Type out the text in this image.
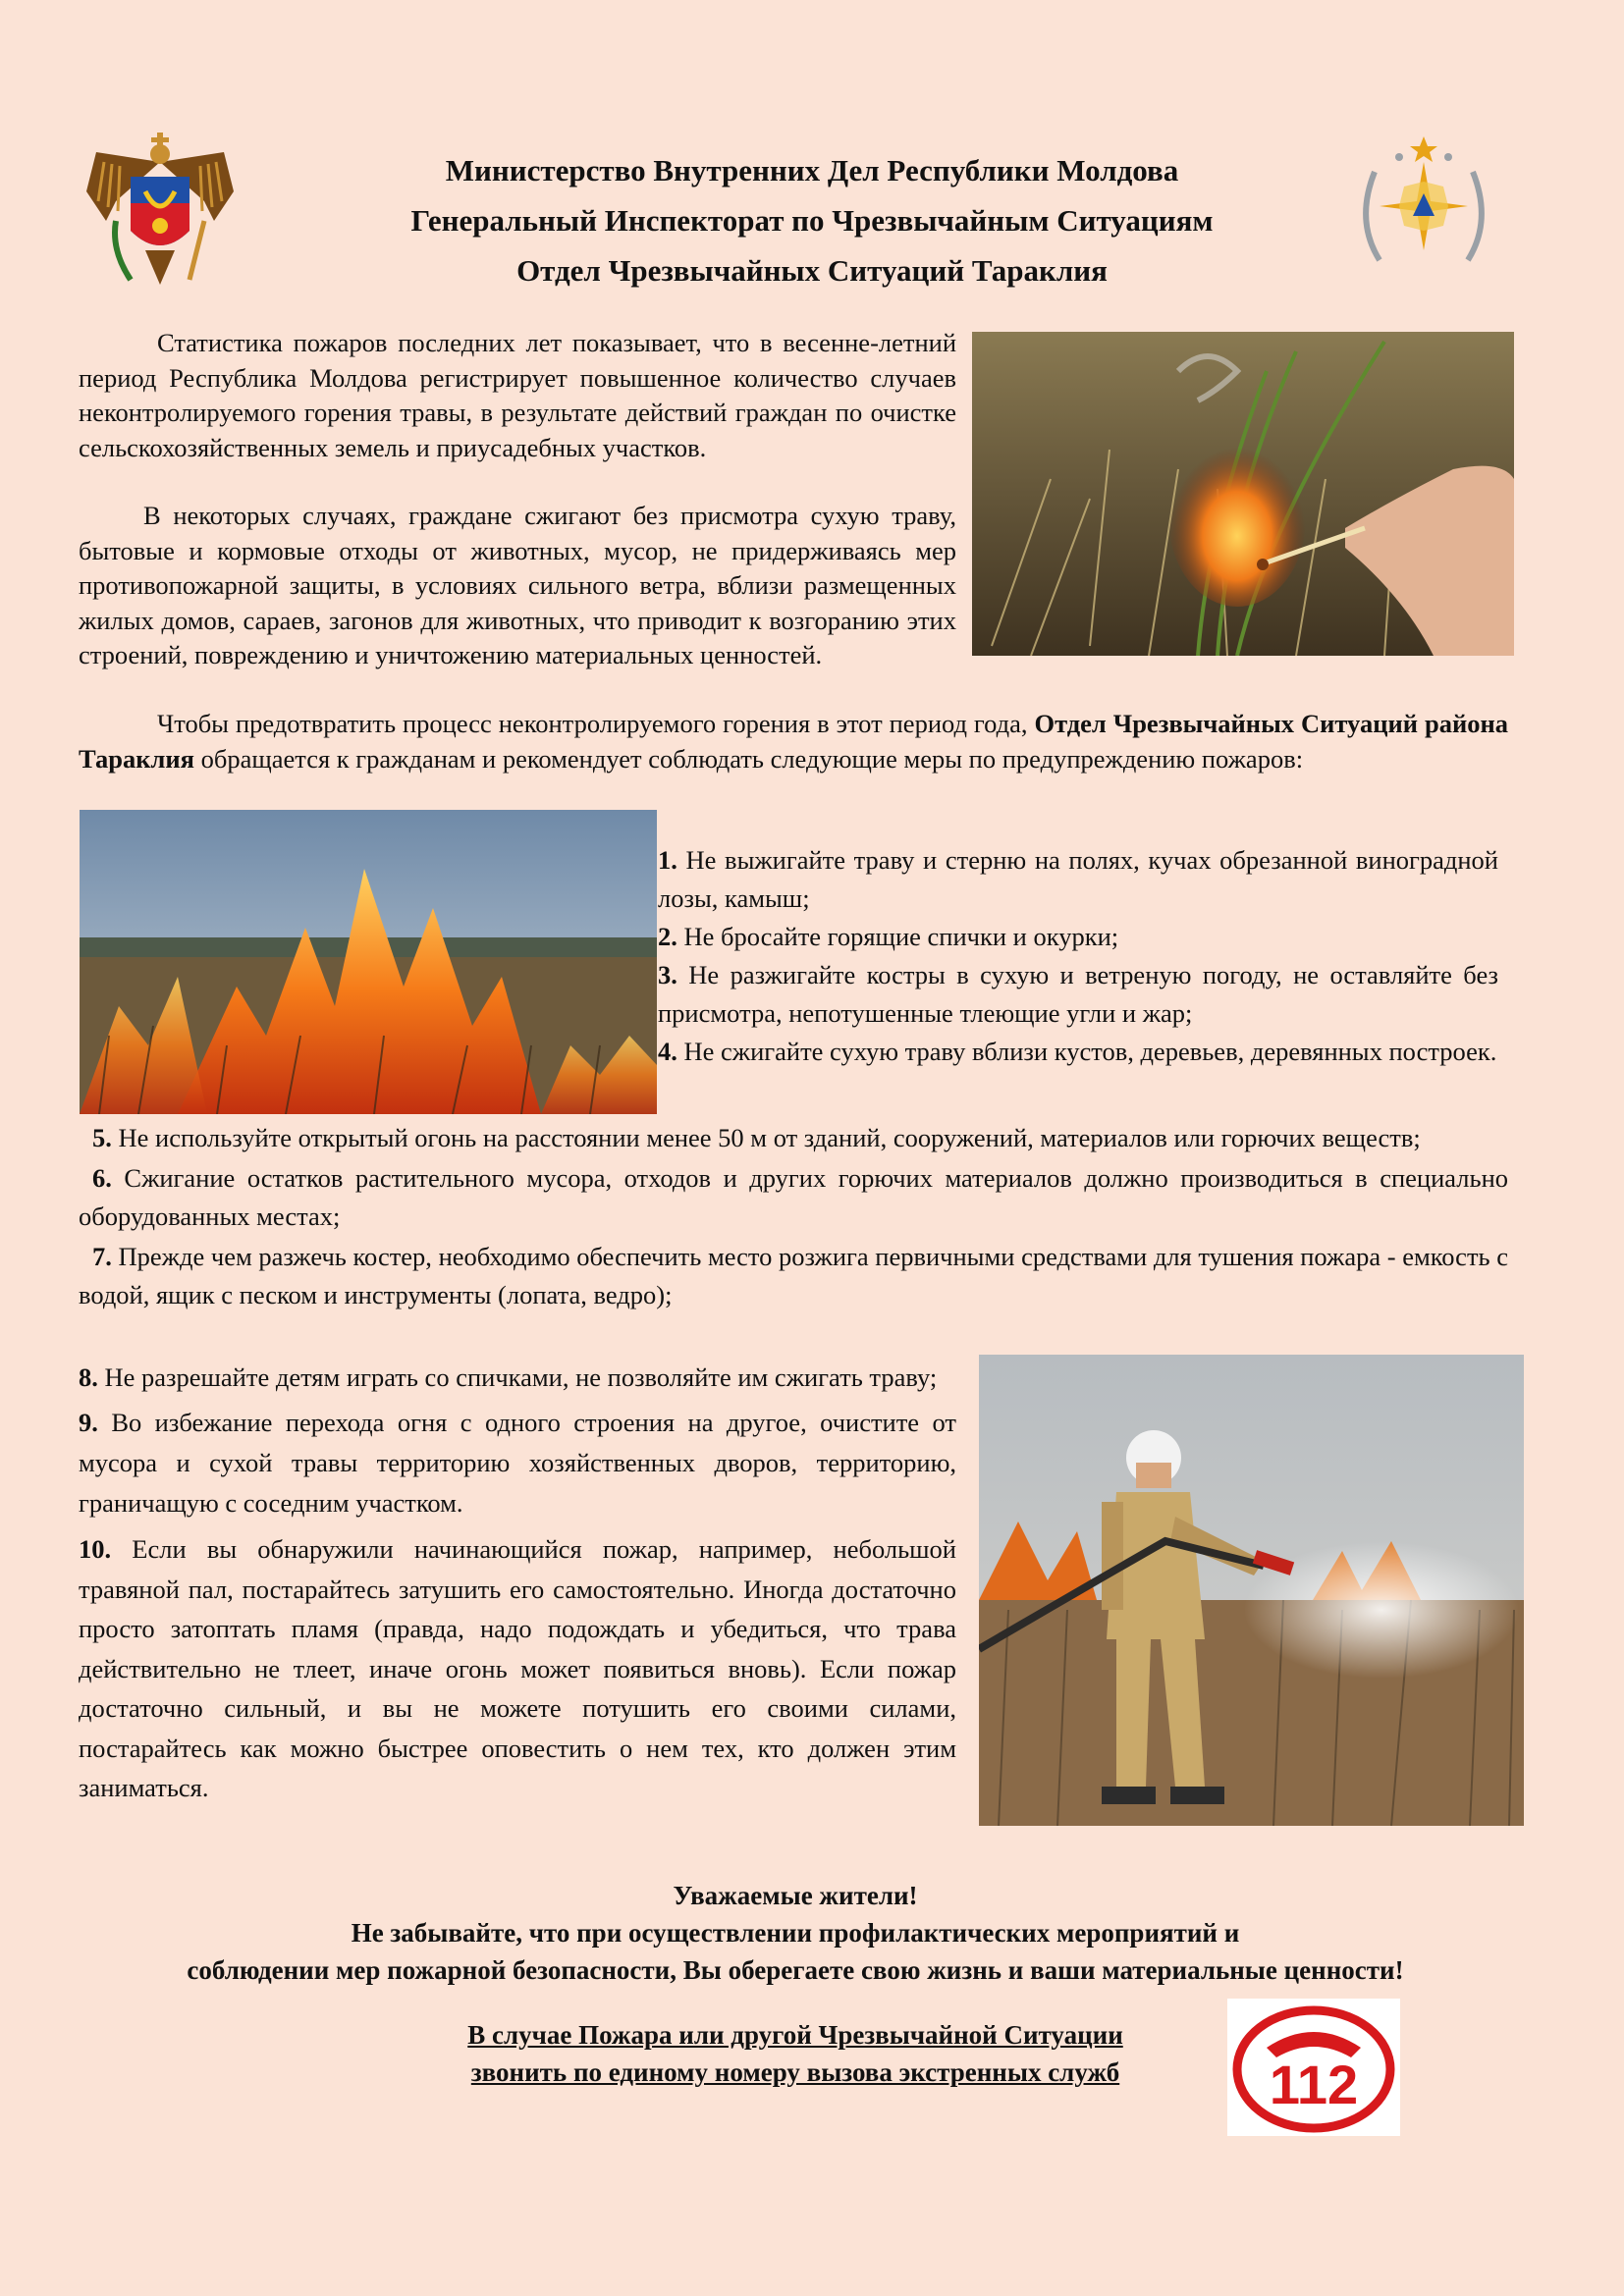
Министерство Внутренних Дел Республики Молдова
Генеральный Инспекторат по Чрезвычайным Ситуациям
Отдел Чрезвычайных Ситуаций Тараклия
Статистика пожаров последних лет показывает, что в весенне-летний период Республика Молдова регистрирует повышенное количество случаев неконтролируемого горения травы, в результате действий граждан по очистке сельскохозяйственных земель и приусадебных участков.
В некоторых случаях, граждане сжигают без присмотра сухую траву, бытовые и кормовые отходы от животных, мусор, не придерживаясь мер противопожарной защиты, в условиях сильного ветра, вблизи размещенных жилых домов, сараев, загонов для животных, что приводит к возгоранию этих строений, повреждению и уничтожению материальных ценностей.
Чтобы предотвратить процесс неконтролируемого горения в этот период года, Отдел Чрезвычайных Ситуаций района Тараклия обращается к гражданам и рекомендует соблюдать следующие меры по предупреждению пожаров:
1. Не выжигайте траву и стерню на полях, кучах обрезанной виноградной лозы, камыш;
2. Не бросайте горящие спички и окурки;
3. Не разжигайте костры в сухую и ветреную погоду, не оставляйте без присмотра, непотушенные тлеющие угли и жар;
4. Не сжигайте сухую траву вблизи кустов, деревьев, деревянных построек.
5. Не используйте открытый огонь на расстоянии менее 50 м от зданий, сооружений, материалов или горючих веществ;
6. Сжигание остатков растительного мусора, отходов и других горючих материалов должно производиться в специально оборудованных местах;
7. Прежде чем разжечь костер, необходимо обеспечить место розжига первичными средствами для тушения пожара - емкость с водой, ящик с песком и инструменты (лопата, ведро);
8. Не разрешайте детям играть со спичками, не позволяйте им сжигать траву;
9. Во избежание перехода огня с одного строения на другое, очистите от мусора и сухой травы территорию хозяйственных дворов, территорию, граничащую с соседним участком.
10. Если вы обнаружили начинающийся пожар, например, небольшой травяной пал, постарайтесь затушить его самостоятельно. Иногда достаточно просто затоптать пламя (правда, надо подождать и убедиться, что трава действительно не тлеет, иначе огонь может появиться вновь). Если пожар достаточно сильный, и вы не можете потушить его своими силами, постарайтесь как можно быстрее оповестить о нем тех, кто должен этим заниматься.
Уважаемые жители!
Не забывайте, что при осуществлении профилактических мероприятий и
соблюдении мер пожарной безопасности, Вы оберегаете свою жизнь и ваши материальные ценности!
В случае Пожара или другой Чрезвычайной Ситуации
звонить по единому номеру вызова экстренных служб	112
